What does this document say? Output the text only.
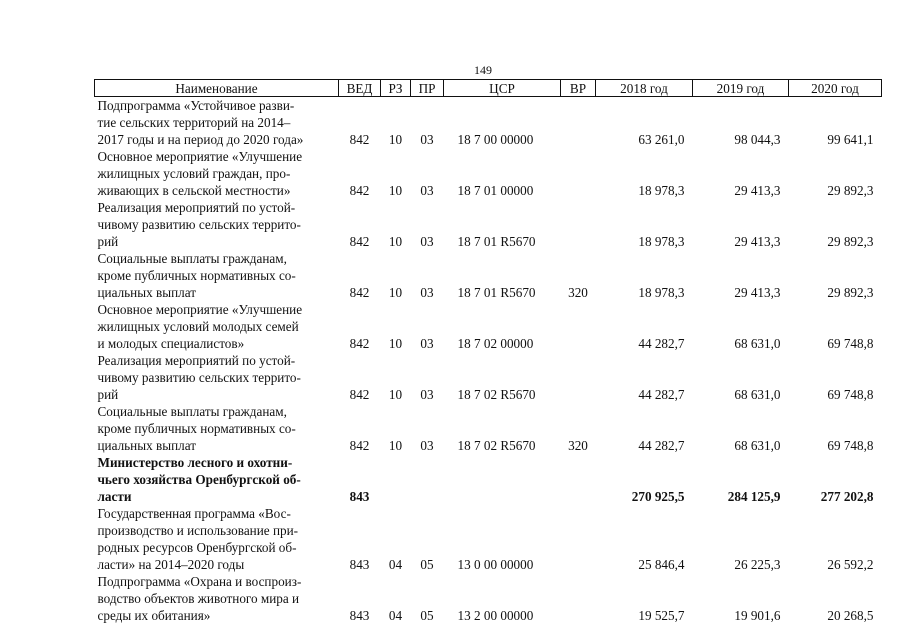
149
Наименование	ВЕД	РЗ	ПР	ЦСР	ВР	2018 год	2019 год	2020 год

Подпрограмма «Устойчивое разви-
тие сельских территорий на 2014–
2017 годы и на период до 2020 года»	842	10	03	18 7 00 00000		63 261,0	98 044,3	99 641,1

Основное мероприятие «Улучшение
жилищных условий граждан, про-
живающих в сельской местности»	842	10	03	18 7 01 00000		18 978,3	29 413,3	29 892,3

Реализация мероприятий по устой-
чивому развитию сельских террито-
рий	842	10	03	18 7 01 R5670		18 978,3	29 413,3	29 892,3

Социальные выплаты гражданам,
кроме публичных нормативных со-
циальных выплат	842	10	03	18 7 01 R5670	320	18 978,3	29 413,3	29 892,3

Основное мероприятие «Улучшение
жилищных условий молодых семей
и молодых специалистов»	842	10	03	18 7 02 00000		44 282,7	68 631,0	69 748,8

Реализация мероприятий по устой-
чивому развитию сельских террито-
рий	842	10	03	18 7 02 R5670		44 282,7	68 631,0	69 748,8

Социальные выплаты гражданам,
кроме публичных нормативных со-
циальных выплат	842	10	03	18 7 02 R5670	320	44 282,7	68 631,0	69 748,8

Министерство лесного и охотни-
чьего хозяйства Оренбургской об-
ласти	843					270 925,5	284 125,9	277 202,8

Государственная программа «Вос-
производство и использование при-
родных ресурсов Оренбургской об-
ласти» на 2014–2020 годы	843	04	05	13 0 00 00000		25 846,4	26 225,3	26 592,2

Подпрограмма «Охрана и воспроиз-
водство объектов животного мира и
среды их обитания»	843	04	05	13 2 00 00000		19 525,7	19 901,6	20 268,5
